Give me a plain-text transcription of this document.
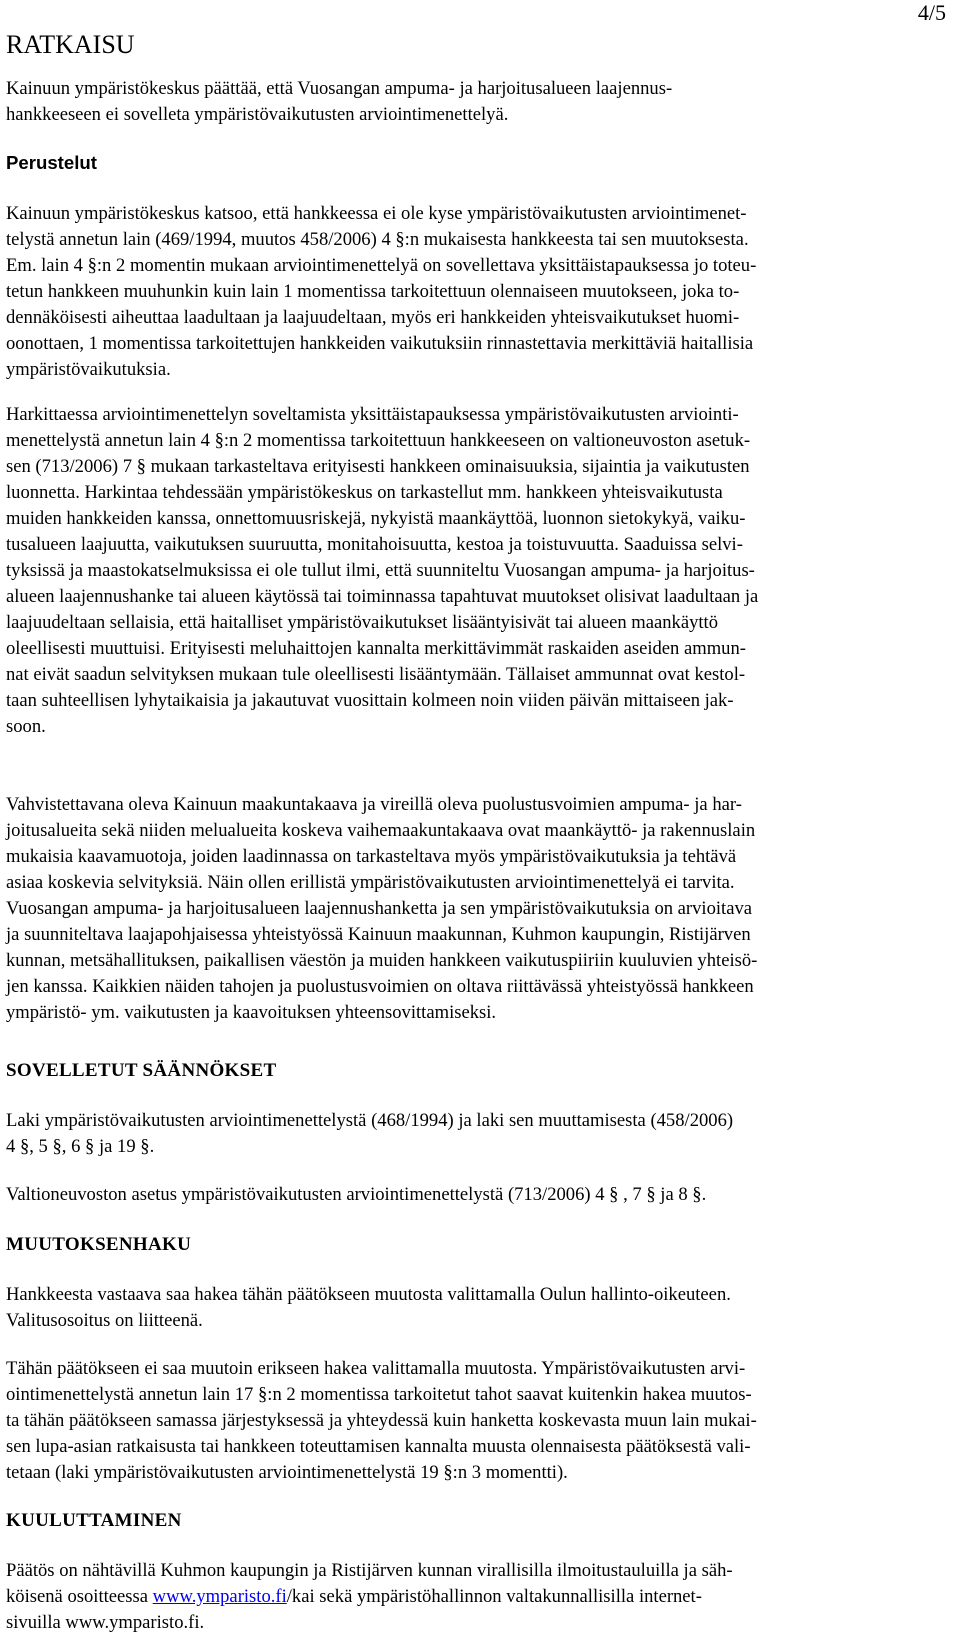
4/5
RATKAISU

Kainuun ympäristökeskus päättää, että Vuosangan ampuma- ja harjoitusalueen laajennus-
hankkeeseen ei sovelleta ympäristövaikutusten arviointimenettelyä.

Perustelut

Kainuun ympäristökeskus katsoo, että hankkeessa ei ole kyse ympäristövaikutusten arviointimenet-
telystä annetun lain (469/1994, muutos 458/2006) 4 §:n mukaisesta hankkeesta tai sen muutoksesta.
Em. lain 4 §:n 2 momentin mukaan arviointimenettelyä on sovellettava yksittäistapauksessa jo toteu-
tetun hankkeen muuhunkin kuin lain 1 momentissa tarkoitettuun olennaiseen muutokseen, joka to-
dennäköisesti aiheuttaa laadultaan ja laajuudeltaan, myös eri hankkeiden yhteisvaikutukset huomi-
oonottaen, 1 momentissa tarkoitettujen hankkeiden vaikutuksiin rinnastettavia merkittäviä haitallisia
ympäristövaikutuksia.

Harkittaessa arviointimenettelyn soveltamista yksittäistapauksessa ympäristövaikutusten arvioin​ti-
menettelystä annetun lain 4 §:n 2 momentissa tarkoitettuun hankkeeseen on valtioneuvoston asetuk-
sen (713/2006) 7 § mukaan tarkasteltava erityisesti hankkeen ominaisuuksia, sijaintia ja vaikutusten
luonnetta. Harkintaa tehdessään ympäristökeskus on tarkastellut mm. hankkeen yhteisvaikutusta
muiden hankkeiden kanssa, onnettomuusriskejä, nykyistä maankäyttöä, luonnon sietokykyä, vaiku-
tusalueen laajuutta, vaikutuksen suuruutta, monitahoisuutta, kestoa ja toistuvuutta. Saaduissa selvi-
tyksissä ja maastokatselmuksissa ei ole tullut ilmi, että suunniteltu Vuosangan ampuma- ja harjoitus-
alueen laajennushanke tai alueen käytössä tai toiminnassa tapahtuvat muutokset olisivat laadultaan ja
laajuudeltaan sellaisia, että haitalliset ympäristövaikutukset lisääntyisivät tai alueen maankäyttö
oleellisesti muuttuisi. Erityisesti meluhaittojen kannalta merkittävimmät raskaiden aseiden ammun-
nat eivät saadun selvityksen mukaan tule oleellisesti lisääntymään. Tällaiset ammunnat ovat kestol-
taan suhteellisen lyhytaikaisia ja jakautuvat vuosittain kolmeen noin viiden päivän mittaiseen jak-
soon.

Vahvistettavana oleva Kainuun maakuntakaava ja vireillä oleva puolustusvoimien ampuma- ja har-
joitusalueita sekä niiden melualueita koskeva vaihemaakuntakaava ovat maankäyttö- ja rakennuslain
mukaisia kaavamuotoja, joiden laadinnassa on tarkasteltava myös ympäristövaikutuksia ja tehtävä
asiaa koskevia selvityksiä. Näin ollen erillistä ympäristövaikutusten arviointimenettelyä ei tarvita.
Vuosangan ampuma- ja harjoitusalueen laajennushanketta ja sen ympäristövaikutuksia on arvioitava
ja suunniteltava laajapohjaisessa yhteistyössä Kainuun maakunnan, Kuhmon kaupungin, Ristijärven
kunnan, metsähallituksen, paikallisen väestön ja muiden hankkeen vaikutuspiiriin kuuluvien yhteisö-
jen kanssa. Kaikkien näiden tahojen ja puolustusvoimien on oltava riittävässä yhteistyössä hankkeen
ympäristö- ym. vaikutusten ja kaavoituksen yhteensovittamiseksi.

SOVELLETUT SÄÄNNÖKSET

Laki ympäristövaikutusten arviointimenettelystä (468/1994) ja laki sen muuttamisesta (458/2006)
4 §, 5 §, 6 § ja 19 §.

Valtioneuvoston asetus ympäristövaikutusten arviointimenettelystä (713/2006) 4 § , 7 § ja 8 §.

MUUTOKSENHAKU

Hankkeesta vastaava saa hakea tähän päätökseen muutosta valittamalla Oulun hallinto-oikeuteen.
Valitusosoitus on liitteenä.

Tähän päätökseen ei saa muutoin erikseen hakea valittamalla muutosta. Ympäristövaikutusten arvi-
ointimenettelystä annetun lain 17 §:n 2 momentissa tarkoitetut tahot saavat kuitenkin hakea muutos-
ta tähän päätökseen samassa järjestyksessä ja yhteydessä kuin hanketta koskevasta muun lain mukai-
sen lupa-asian ratkaisusta tai hankkeen toteuttamisen kannalta muusta olennaisesta päätöksestä vali-
tetaan (laki ympäristövaikutusten arviointimenettelystä 19 §:n 3 momentti).

KUULUTTAMINEN

Päätös on nähtävillä Kuhmon kaupungin ja Ristijärven kunnan virallisilla ilmoitustauluilla ja säh-
köisenä osoitteessa www.ymparisto.fi/kai sekä ympäristöhallinnon valtakunnallisilla internet-
sivuilla www.ymparisto.fi.
